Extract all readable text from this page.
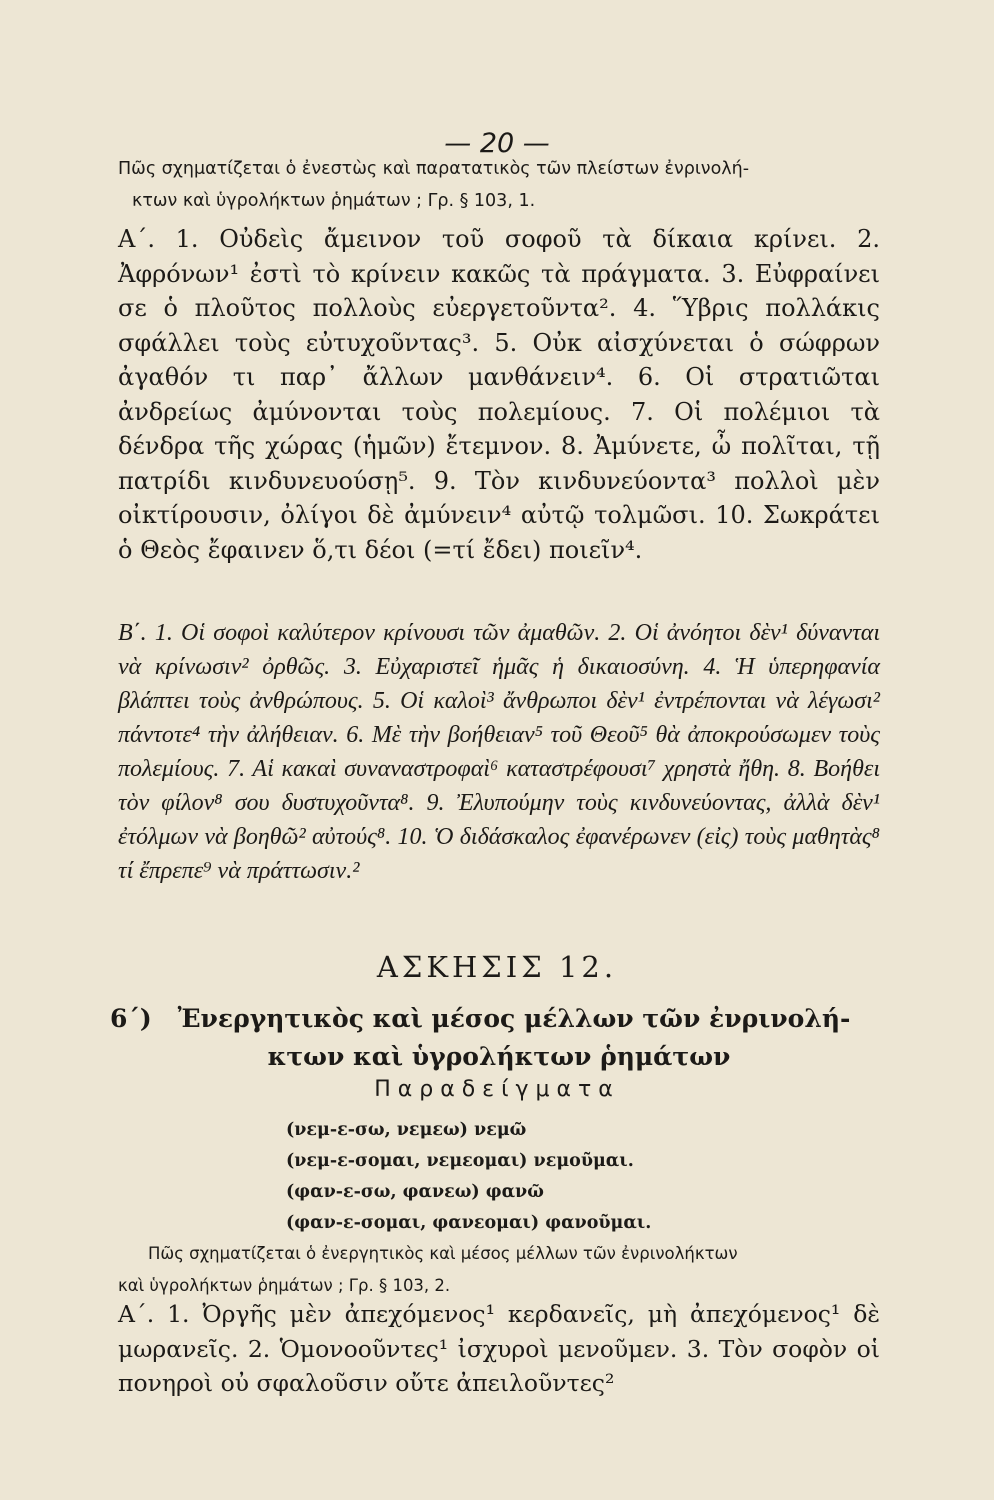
— 20 —
Πῶς σχηματίζεται ὁ ἐνεστὼς καὶ παρατατικὸς τῶν πλείστων ἐνρινολή-
κτων καὶ ὑγρολήκτων ῥημάτων ; Γρ. § 103, 1.

Α΄. 1. Οὐδεὶς ἄμεινον τοῦ σοφοῦ τὰ δίκαια κρίνει. 2. Ἀφρόνων¹ ἐστὶ τὸ κρίνειν κακῶς τὰ πράγματα. 3. Εὐφραίνει σε ὁ πλοῦτος πολλοὺς εὐεργετοῦντα². 4. Ὕβρις πολλάκις σφάλλει τοὺς εὐτυχοῦντας³. 5. Οὐκ αἰσχύνεται ὁ σώφρων ἀγαθόν τι παρ᾿ ἄλλων μανθάνειν⁴. 6. Οἱ στρατιῶται ἀνδρείως ἀμύνονται τοὺς πολεμίους. 7. Οἱ πολέμιοι τὰ δένδρα τῆς χώρας (ἡμῶν) ἔτεμνον. 8. Ἀμύνετε, ὦ πολῖται, τῇ πατρίδι κινδυνευούσῃ⁵. 9. Τὸν κινδυνεύοντα³ πολλοὶ μὲν οἰκτίρουσιν, ὀλίγοι δὲ ἀμύνειν⁴ αὐτῷ τολμῶσι. 10. Σωκράτει ὁ Θεὸς ἔφαινεν ὅ,τι δέοι (=τί ἔδει) ποιεῖν⁴.

Β΄. 1. Οἱ σοφοὶ καλύτερον κρίνουσι τῶν ἀμαθῶν. 2. Οἱ ἀνόητοι δὲν¹ δύνανται νὰ κρίνωσιν² ὀρθῶς. 3. Εὐχαριστεῖ ἡμᾶς ἡ δικαιοσύνη. 4. Ἡ ὑπερηφανία βλάπτει τοὺς ἀνθρώπους. 5. Οἱ καλοὶ³ ἄνθρωποι δὲν¹ ἐντρέπονται νὰ λέγωσι² πάντοτε⁴ τὴν ἀλήθειαν. 6. Μὲ τὴν βοήθειαν⁵ τοῦ Θεοῦ⁵ θὰ ἀποκρούσωμεν τοὺς πολεμίους. 7. Αἱ κακαὶ συναναστροφαὶ⁶ καταστρέφουσι⁷ χρηστὰ ἤθη. 8. Βοήθει τὸν φίλον⁸ σου δυστυχοῦντα⁸. 9. Ἐλυπούμην τοὺς κινδυνεύοντας, ἀλλὰ δὲν¹ ἐτόλμων νὰ βοηθῶ² αὐτούς⁸. 10. Ὁ διδάσκαλος ἐφανέρωνεν (εἰς) τοὺς μαθητὰς⁸ τί ἔπρεπε⁹ νὰ πράττωσιν.²

ΑΣΚΗΣΙΣ 12.
6΄)	Ἐνεργητικὸς καὶ μέσος μέλλων τῶν ἐνρινολή-
κτων καὶ ὑγρολήκτων ῥημάτων
Παραδείγματα
(νεμ-ε-σω, νεμεω) νεμῶ
(νεμ-ε-σομαι, νεμεομαι) νεμοῦμαι.
(φαν-ε-σω, φανεω) φανῶ
(φαν-ε-σομαι, φανεομαι) φανοῦμαι.
Πῶς σχηματίζεται ὁ ἐνεργητικὸς καὶ μέσος μέλλων τῶν ἐνρινολήκτων
καὶ ὑγρολήκτων ῥημάτων ; Γρ. § 103, 2.

Α΄. 1. Ὀργῆς μὲν ἀπεχόμενος¹ κερδανεῖς, μὴ ἀπεχόμενος¹ δὲ μωρανεῖς. 2. Ὁμονοοῦντες¹ ἰσχυροὶ μενοῦμεν. 3. Τὸν σοφὸν οἱ πονηροὶ οὐ σφαλοῦσιν οὔτε ἀπειλοῦντες²
